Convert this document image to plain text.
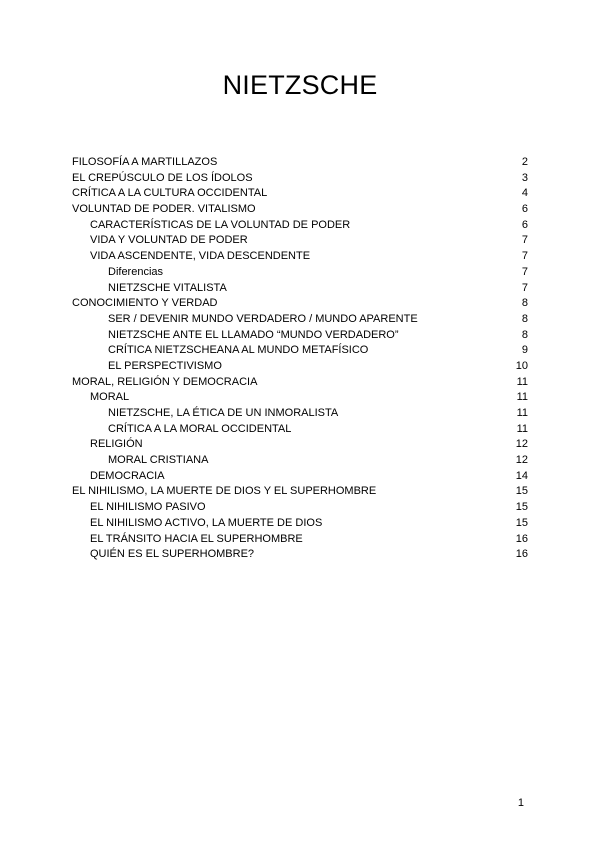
NIETZSCHE
FILOSOFÍA A MARTILLAZOS	2
EL CREPÚSCULO DE LOS ÍDOLOS	3
CRÍTICA A LA CULTURA OCCIDENTAL	4
VOLUNTAD DE PODER. VITALISMO	6
CARACTERÍSTICAS DE LA VOLUNTAD DE PODER	6
VIDA Y VOLUNTAD DE PODER	7
VIDA ASCENDENTE, VIDA DESCENDENTE	7
Diferencias	7
NIETZSCHE VITALISTA	7
CONOCIMIENTO Y VERDAD	8
SER / DEVENIR MUNDO VERDADERO / MUNDO APARENTE	8
NIETZSCHE ANTE EL LLAMADO “MUNDO VERDADERO”	8
CRÍTICA NIETZSCHEANA AL MUNDO METAFÍSICO	9
EL PERSPECTIVISMO	10
MORAL, RELIGIÓN Y DEMOCRACIA	11
MORAL	11
NIETZSCHE, LA ÉTICA DE UN INMORALISTA	11
CRÍTICA A LA MORAL OCCIDENTAL	11
RELIGIÓN	12
MORAL CRISTIANA	12
DEMOCRACIA	14
EL NIHILISMO, LA MUERTE DE DIOS Y EL SUPERHOMBRE	15
EL NIHILISMO PASIVO	15
EL NIHILISMO ACTIVO, LA MUERTE DE DIOS	15
EL TRÁNSITO HACIA EL SUPERHOMBRE	16
QUIÉN ES EL SUPERHOMBRE?	16
1
